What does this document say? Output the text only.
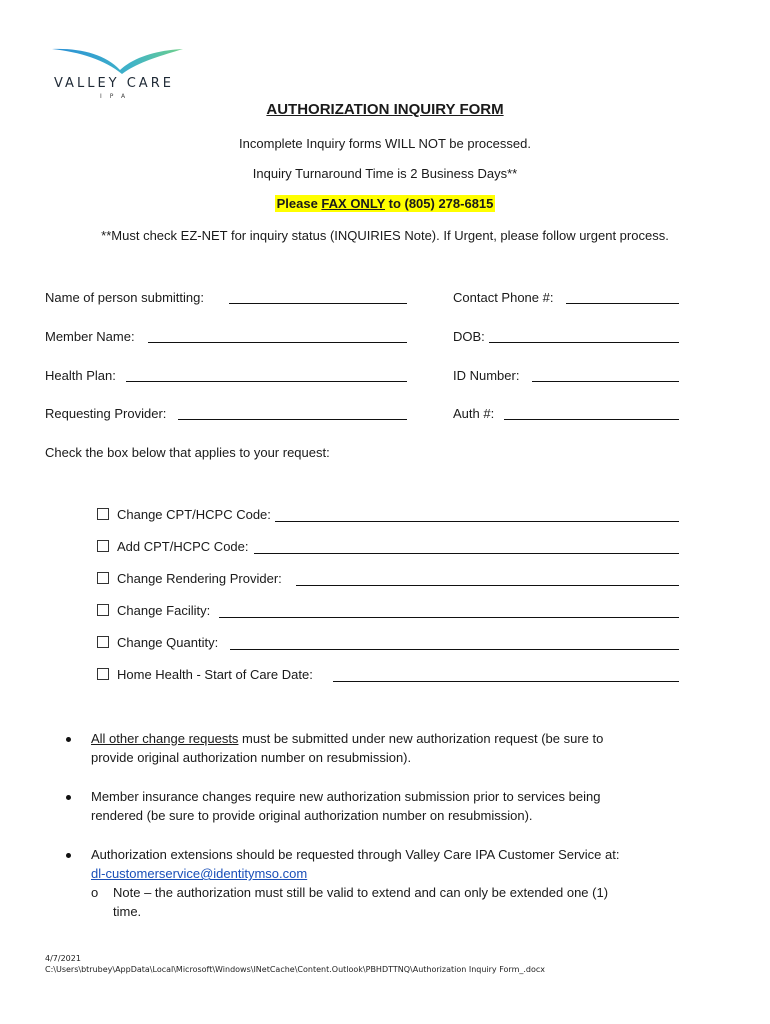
VALLEY CARE
IPA
AUTHORIZATION INQUIRY FORM
Incomplete Inquiry forms WILL NOT be processed.
Inquiry Turnaround Time is 2 Business Days**
Please FAX ONLY to (805) 278-6815
**Must check EZ-NET for inquiry status (INQUIRIES Note). If Urgent, please follow urgent process.
Name of person submitting:	Contact Phone #:
Member Name:	DOB:
Health Plan:	ID Number:
Requesting Provider:	Auth #:
Check the box below that applies to your request:
Change CPT/HCPC Code:
Add CPT/HCPC Code:
Change Rendering Provider:
Change Facility:
Change Quantity:
Home Health - Start of Care Date:
All other change requests must be submitted under new authorization request (be sure to
provide original authorization number on resubmission).
Member insurance changes require new authorization submission prior to services being
rendered (be sure to provide original authorization number on resubmission).
Authorization extensions should be requested through Valley Care IPA Customer Service at:
dl-customerservice@identitymso.com
o Note – the authorization must still be valid to extend and can only be extended one (1)
time.
4/7/2021
C:\Users\btrubey\AppData\Local\Microsoft\Windows\INetCache\Content.Outlook\PBHDTTNQ\Authorization Inquiry Form_.docx
